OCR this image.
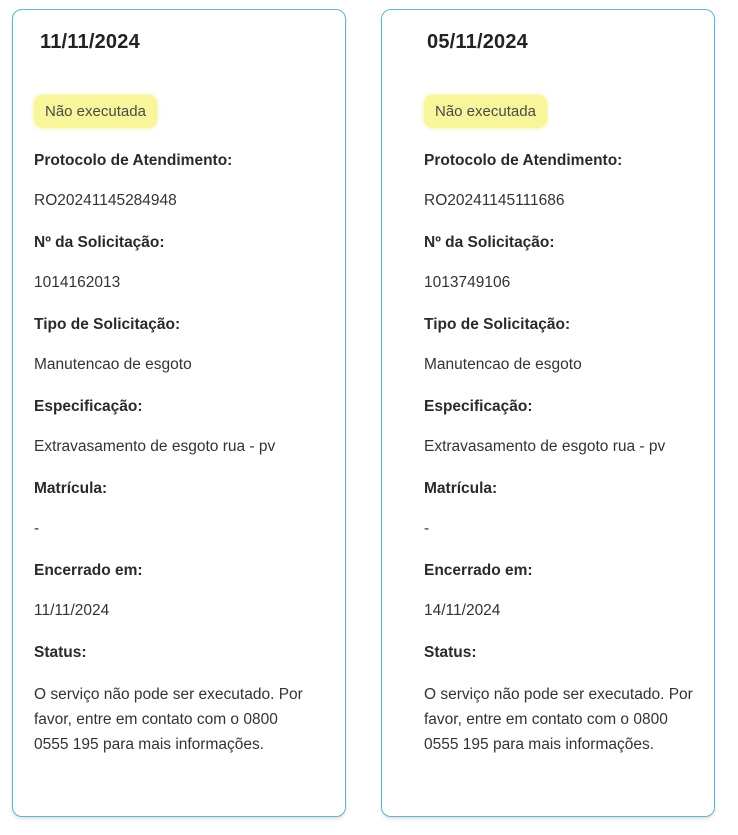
11/11/2024
Não executada
Protocolo de Atendimento:
RO20241145284948
Nº da Solicitação:
1014162013
Tipo de Solicitação:
Manutencao de esgoto
Especificação:
Extravasamento de esgoto rua - pv
Matrícula:
-
Encerrado em:
11/11/2024
Status:
O serviço não pode ser executado. Por favor, entre em contato com o 0800 0555 195 para mais informações.
05/11/2024
Não executada
Protocolo de Atendimento:
RO20241145111686
Nº da Solicitação:
1013749106
Tipo de Solicitação:
Manutencao de esgoto
Especificação:
Extravasamento de esgoto rua - pv
Matrícula:
-
Encerrado em:
14/11/2024
Status:
O serviço não pode ser executado. Por favor, entre em contato com o 0800 0555 195 para mais informações.
